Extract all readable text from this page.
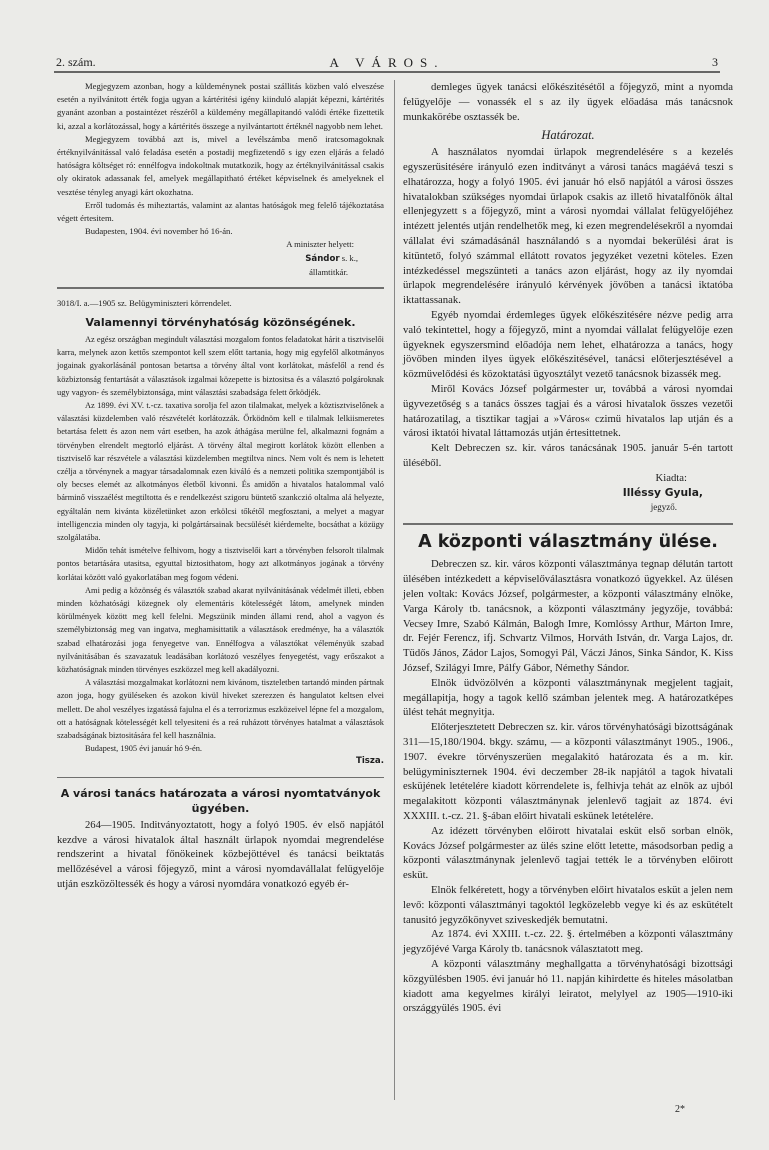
2. szám.	A VÁROS.	3

Megjegyzem azonban, hogy a küldeménynek postai szállitás közben való elveszése esetén a nyilvánitott érték fogja ugyan a kártéritési igény kiinduló alapját képezni, kártérités gyanánt azonban a postaintézet részéről a küldemény megállapitandó valódi értéke fizettetik ki, azzal a korlátozással, hogy a kártérités összege a nyilvántartott értéknél nagyobb nem lehet.

Megjegyzem továbbá azt is, mivel a levélszámba menő iratcsomagoknak értéknyilvánitással való feladása esetén a postadij megfizetendő s igy ezen eljárás a feladó hatóságra költséget ró: ennélfogva indokoltnak mutatkozik, hogy az értéknyilvánitással csakis oly okiratok adassanak fel, amelyek megállapitható értéket képviselnek és amelyeknek el vesztése tényleg anyagi kárt okozhatna.

Erről tudomás és miheztartás, valamint az alantas hatóságok meg felelő tájékoztatása végett értesitem.

Budapesten, 1904. évi november hó 16-án.

A miniszter helyett:
Sándor s. k.,
államtitkár.

3018/I. a.—1905 sz. Belügyminiszteri körrendelet.

Valamennyi törvényhatóság közönségének.

Az egész országban megindult választási mozgalom fontos feladatokat hárit a tisztviselői karra, melynek azon kettős szempontot kell szem előtt tartania, hogy mig egyfelől alkotmányos jogainak gyakorlásánál pontosan betartsa a törvény által vont korlátokat, másfelől a rend és közbiztonság fentartását a választások izgalmai közepette is biztositsa és a választó polgároknak ugy vagyon- és személybiztonsága, mint választási szabadsága felett őrködjék.

Az 1899. évi XV. t.-cz. taxativa sorolja fel azon tilalmakat, melyek a köztisztviselőnek a választási küzdelemben való részvételét korlátozzák. Őrködnöm kell e tilalmak lelkiismeretes betartása felett és azon nem várt esetben, ha azok áthágása merülne fel, alkalmazni fognám a törvényben elrendelt megtorló eljárást. A törvény által megirott korlátok között ellenben a tisztviselő kar részvétele a választási küzdelemben megtiltva nincs. Nem volt és nem is lehetett czélja a törvénynek a magyar társadalomnak ezen kiváló és a nemzeti politika szempontjából is oly becses elemét az alkotmányos életből kivonni. És amidőn a hivatalos hatalommal való bárminő visszaélést megtiltotta és e rendelkezést szigoru büntető szankczió oltalma alá helyezte, egyáltalán nem kivánta közéletünket azon erkölcsi tőkétől megfosztani, a melyet a magyar intelligenczia minden oly tagyja, ki polgártársainak becsülését kiérdemelte, bocsáthat a közügy szolgálatába.

Midőn tehát ismételve felhivom, hogy a tisztviselői kart a törvényben felsorolt tilalmak pontos betartására utasitsa, egyuttal biztosithatom, hogy azt alkotmányos jogának a törvény korlátai között való gyakorlatában meg fogom védeni.

Ami pedig a közönség és választók szabad akarat nyilvánitásának védelmét illeti, ebben minden közhatósági közegnek oly elementáris kötelességét látom, amelynek minden körülmények között meg kell felelni. Megszünik minden állami rend, ahol a vagyon és személybiztonság meg van ingatva, meghamisittatik a választások eredménye, ha a választók szabad elhatározási joga fenyegetve van. Ennélfogva a választókat véleményük szabad nyilvánitásában és szavazatuk leadásában korlátozó veszélyes fenyegetést, vagy erőszakot a közhatóságnak minden törvényes eszközzel meg kell akadályozni.

A választási mozgalmakat korlátozni nem kivánom, tiszteletben tartandó minden pártnak azon joga, hogy gyüléseken és azokon kivül hiveket szerezzen és hangulatot keltsen elvei mellett. De ahol veszélyes izgatássá fajulna el és a terrorizmus eszközeivel lépne fel a mozgalom, ott a hatóságnak kötelességét kell telyesiteni és a reá ruházott törvényes hatalmat a választások szabadságának biztositására fel kell használnia.

Budapest, 1905 évi január hó 9-én.

Tisza.
A városi tanács határozata a városi nyomtatványok ügyében.

264—1905. Inditványoztatott, hogy a folyó 1905. év első napjától kezdve a városi hivatalok által használt ürlapok nyomdai megrendelése rendszerint a hivatal főnökeinek közbejöttével és tanácsi beiktatás mellőzésével a városi főjegyző, mint a városi nyomdavállalat felügyelője utján eszközöltessék és hogy a városi nyomdára vonatkozó egyéb ér-

demleges ügyek tanácsi előkészitésétől a főjegyző, mint a nyomda felügyelője — vonassék el s az ily ügyek előadása más tanácsnok munkakörébe osztassék be.

Határozat.

A használatos nyomdai ürlapok megrendelésére s a kezelés egyszerüsitésére irányuló ezen inditványt a városi tanács magáévá teszi s elhatározza, hogy a folyó 1905. évi január hó első napjától a városi összes hivatalokban szükséges nyomdai ürlapok csakis az illető hivatalfőnök által ellenjegyzett s a főjegyző, mint a városi nyomdai vállalat felügyelőjéhez intézett jelentés utján rendelhetők meg, ki ezen megrendelésekről a nyomdai vállalat évi számadásánál használandó s a nyomdai bekerülési árat is kitüntető, folyó számmal ellátott rovatos jegyzéket vezetni köteles. Ezen intézkedéssel megszünteti a tanács azon eljárást, hogy az ily nyomdai ürlapok megrendelésére irányuló kérvények jövőben a tanácsi iktatóba iktattassanak.

Egyéb nyomdai érdemleges ügyek előkészitésére nézve pedig arra való tekintettel, hogy a főjegyző, mint a nyomdai vállalat felügyelője ezen ügyeknek egyszersmind előadója nem lehet, elhatározza a tanács, hogy jövőben minden ilyes ügyek előkészitésével, tanácsi előterjesztésével a közmüvelődési és közoktatási ügyosztályt vezető tanácsnok bizassék meg.

Miről Kovács József polgármester ur, továbbá a városi nyomdai ügyvezetőség s a tanács összes tagjai és a városi hivatalok összes vezetői határozatilag, a tisztikar tagjai a »Város« czimü hivatalos lap utján és a városi iktatói hivatal láttamozás utján értesittetnek.

Kelt Debreczen sz. kir. város tanácsának 1905. január 5-én tartott üléséből.

Kiadta:
Illéssy Gyula,
jegyző.
A központi választmány ülése.

Debreczen sz. kir. város központi választmánya tegnap délután tartott ülésében intézkedett a képviselőválasztásra vonatkozó ügyekkel. Az ülésen jelen voltak: Kovács József, polgármester, a központi választmány elnöke, Varga Károly tb. tanácsnok, a központi választmány jegyzője, továbbá: Vecsey Imre, Szabó Kálmán, Balogh Imre, Komlóssy Arthur, Márton Imre, dr. Fejér Ferencz, ifj. Schvartz Vilmos, Horváth István, dr. Varga Lajos, dr. Tüdős János, Zádor Lajos, Somogyi Pál, Váczi János, Sinka Sándor, K. Kiss József, Szilágyi Imre, Pálfy Gábor, Némethy Sándor.

Elnök üdvözölvén a központi választmánynak megjelent tagjait, megállapitja, hogy a tagok kellő számban jelentek meg. A határozatképes ülést tehát megnyitja.

Előterjesztetett Debreczen sz. kir. város törvényhatósági bizottságának 311—15,180/1904. bkgy. számu, — a központi választmányt 1905., 1906., 1907. évekre törvényszerüen megalakitó határozata és a m. kir. belügyminiszternek 1904. évi deczember 28-ik napjától a tagok hivatali esküjének letételére kiadott körrendelete is, felhivja tehát az elnök az ujból megalakitott központi választmánynak jelenlevő tagjait az 1874. évi XXXIII. t.-cz. 21. §-ában előirt hivatali eskünek letételére.

Az idézett törvényben előirott hivatalai esküt első sorban elnök, Kovács József polgármester az ülés szine előtt letette, másodsorban pedig a központi választmánynak jelenlevő tagjai tették le a törvényben előirott esküt.

Elnök felkéretett, hogy a törvényben előirt hivatalos esküt a jelen nem levő: központi választmányi tagoktól legközelebb vegye ki és az eskütételt tanusitó jegyzőkönyvet sziveskedjék bemutatni.

Az 1874. évi XXIII. t.-cz. 22. §. értelmében a központi választmány jegyzőjévé Varga Károly tb. tanácsnok választatott meg.

A központi választmány meghallgatta a törvényhatósági bizottsági közgyülésben 1905. évi január hó 11. napján kihirdette és hiteles másolatban kiadott ama kegyelmes királyi leiratot, melylyel az 1905—1910-iki országgyülés 1905. évi

2*
